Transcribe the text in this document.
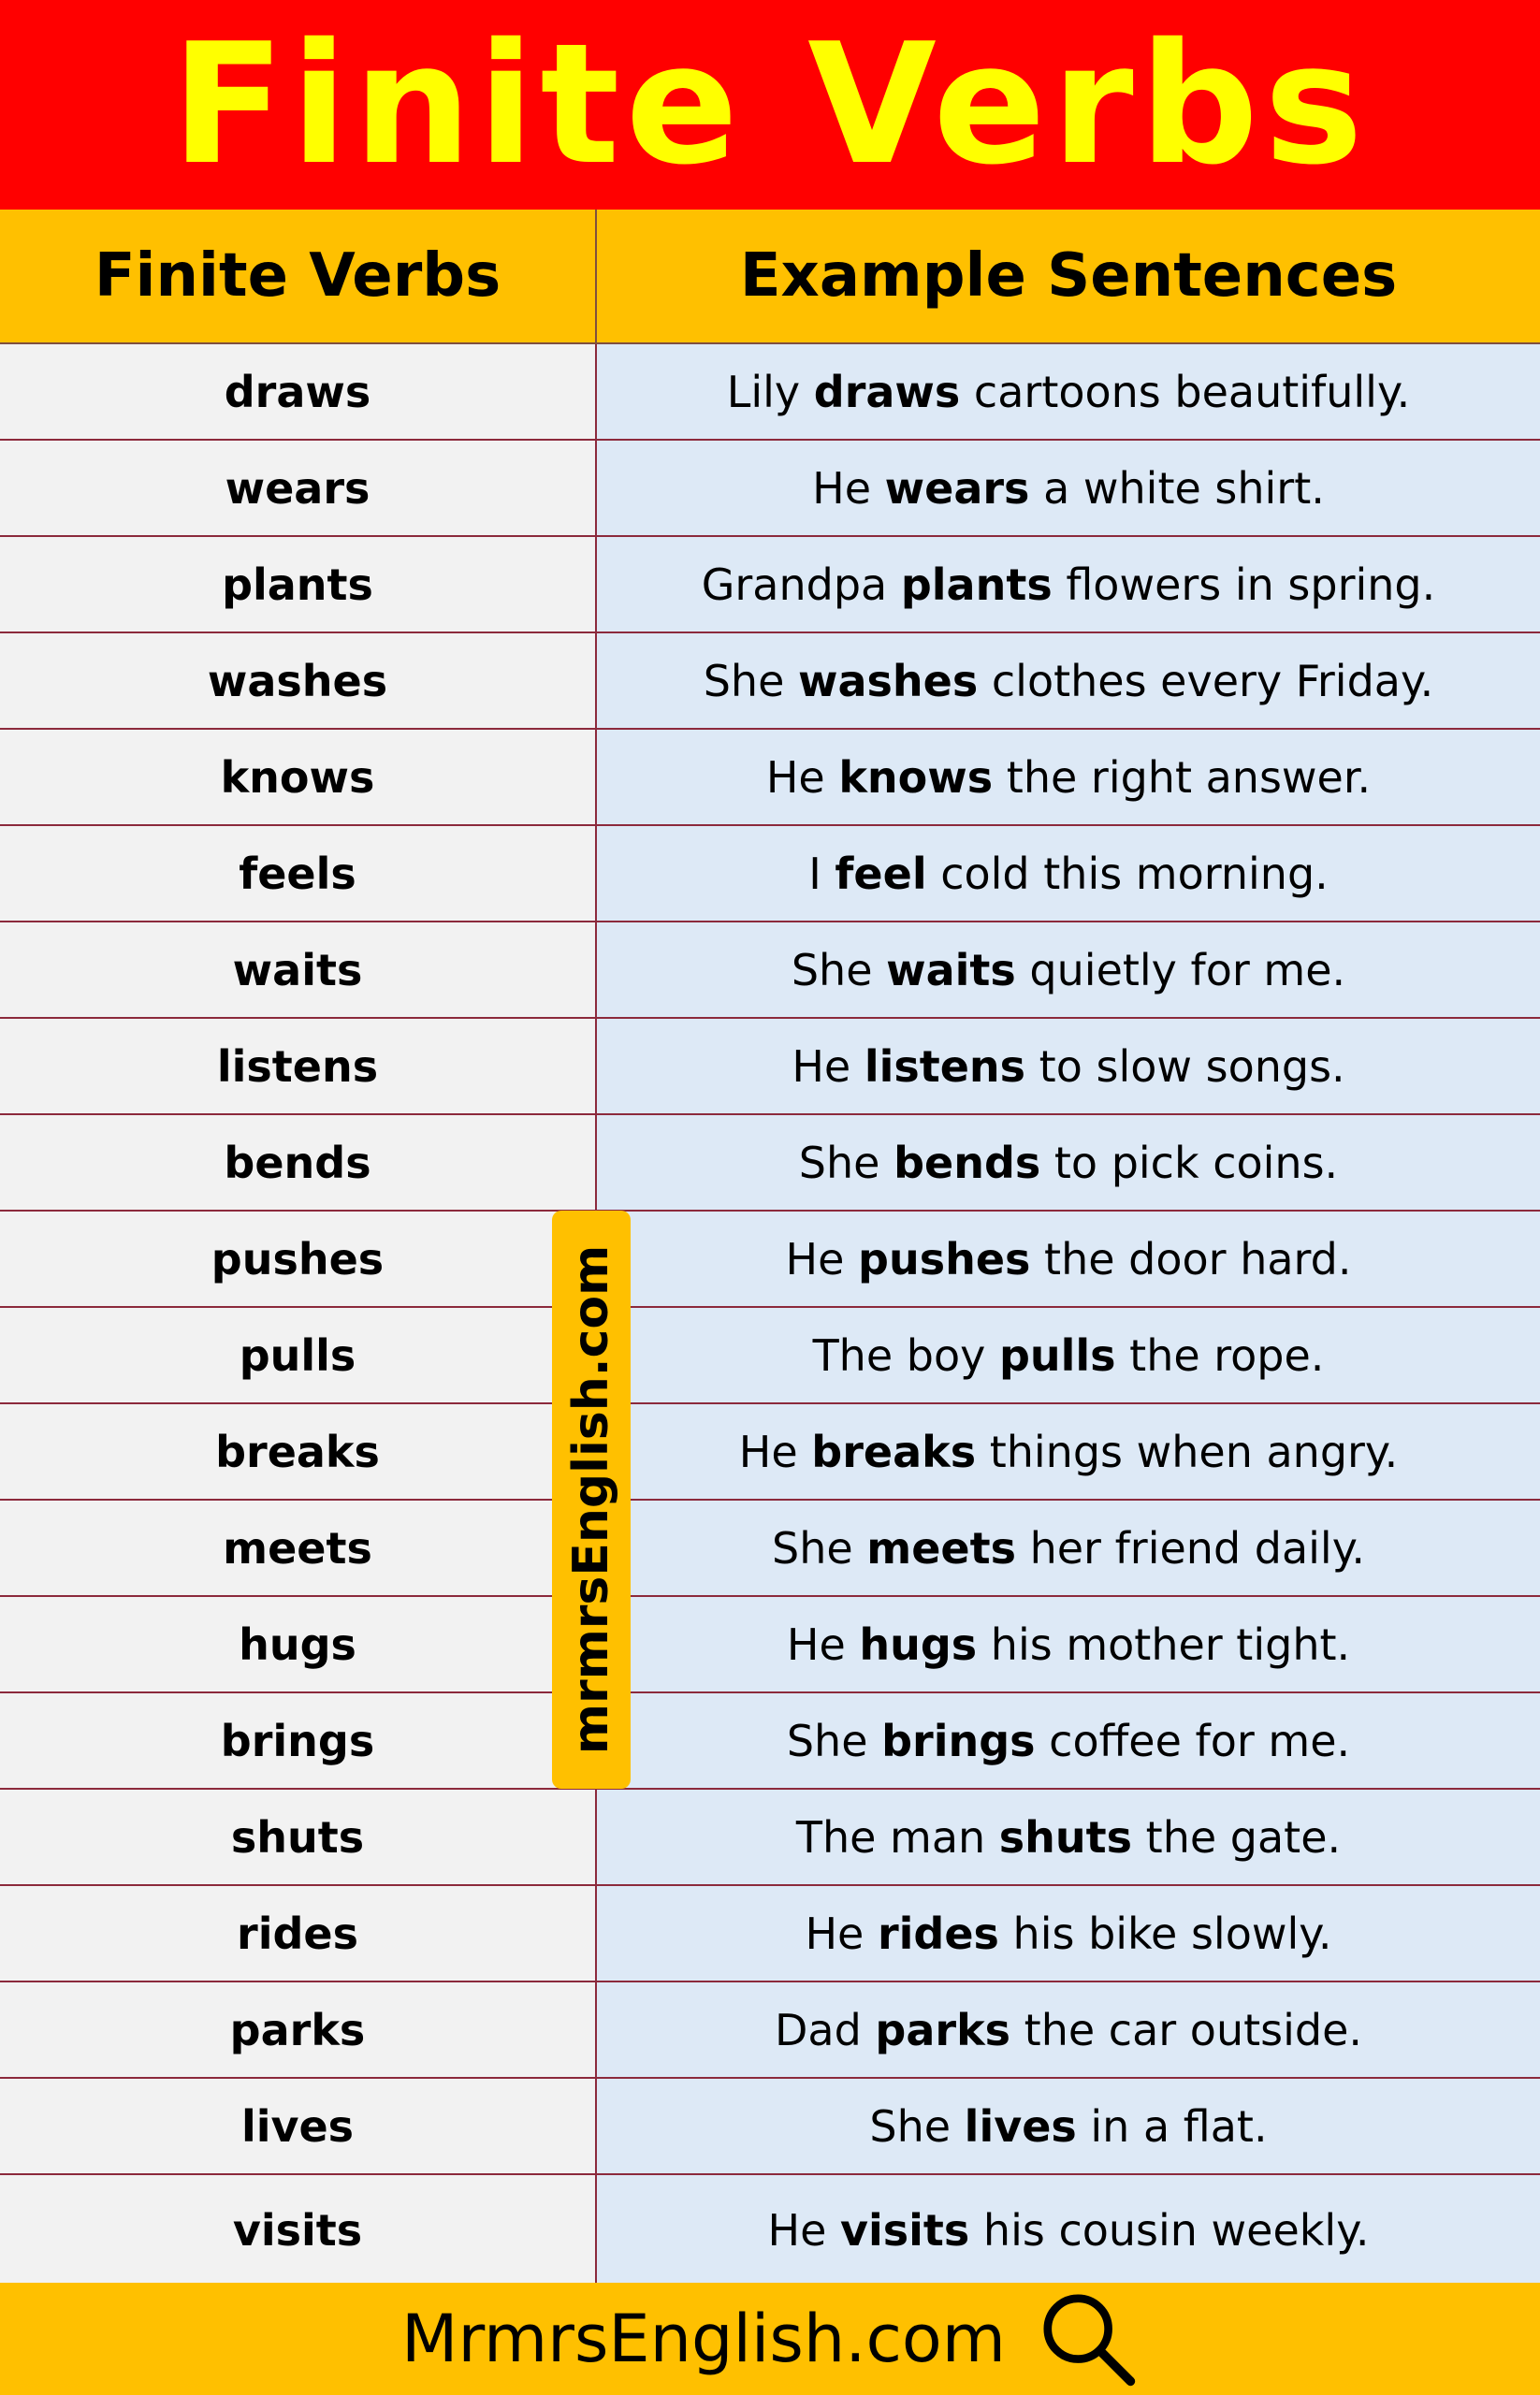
Finite Verbs
Finite Verbs	Example Sentences
draws	Lily draws cartoons beautifully.
wears	He wears a white shirt.
plants	Grandpa plants flowers in spring.
washes	She washes clothes every Friday.
knows	He knows the right answer.
feels	I feel cold this morning.
waits	She waits quietly for me.
listens	He listens to slow songs.
bends	She bends to pick coins.
pushes	He pushes the door hard.
pulls	The boy pulls the rope.
breaks	He breaks things when angry.
meets	She meets her friend daily.
hugs	He hugs his mother tight.
brings	She brings coffee for me.
shuts	The man shuts the gate.
rides	He rides his bike slowly.
parks	Dad parks the car outside.
lives	She lives in a flat.
visits	He visits his cousin weekly.
mrmrsEnglish.com
MrmrsEnglish.com
